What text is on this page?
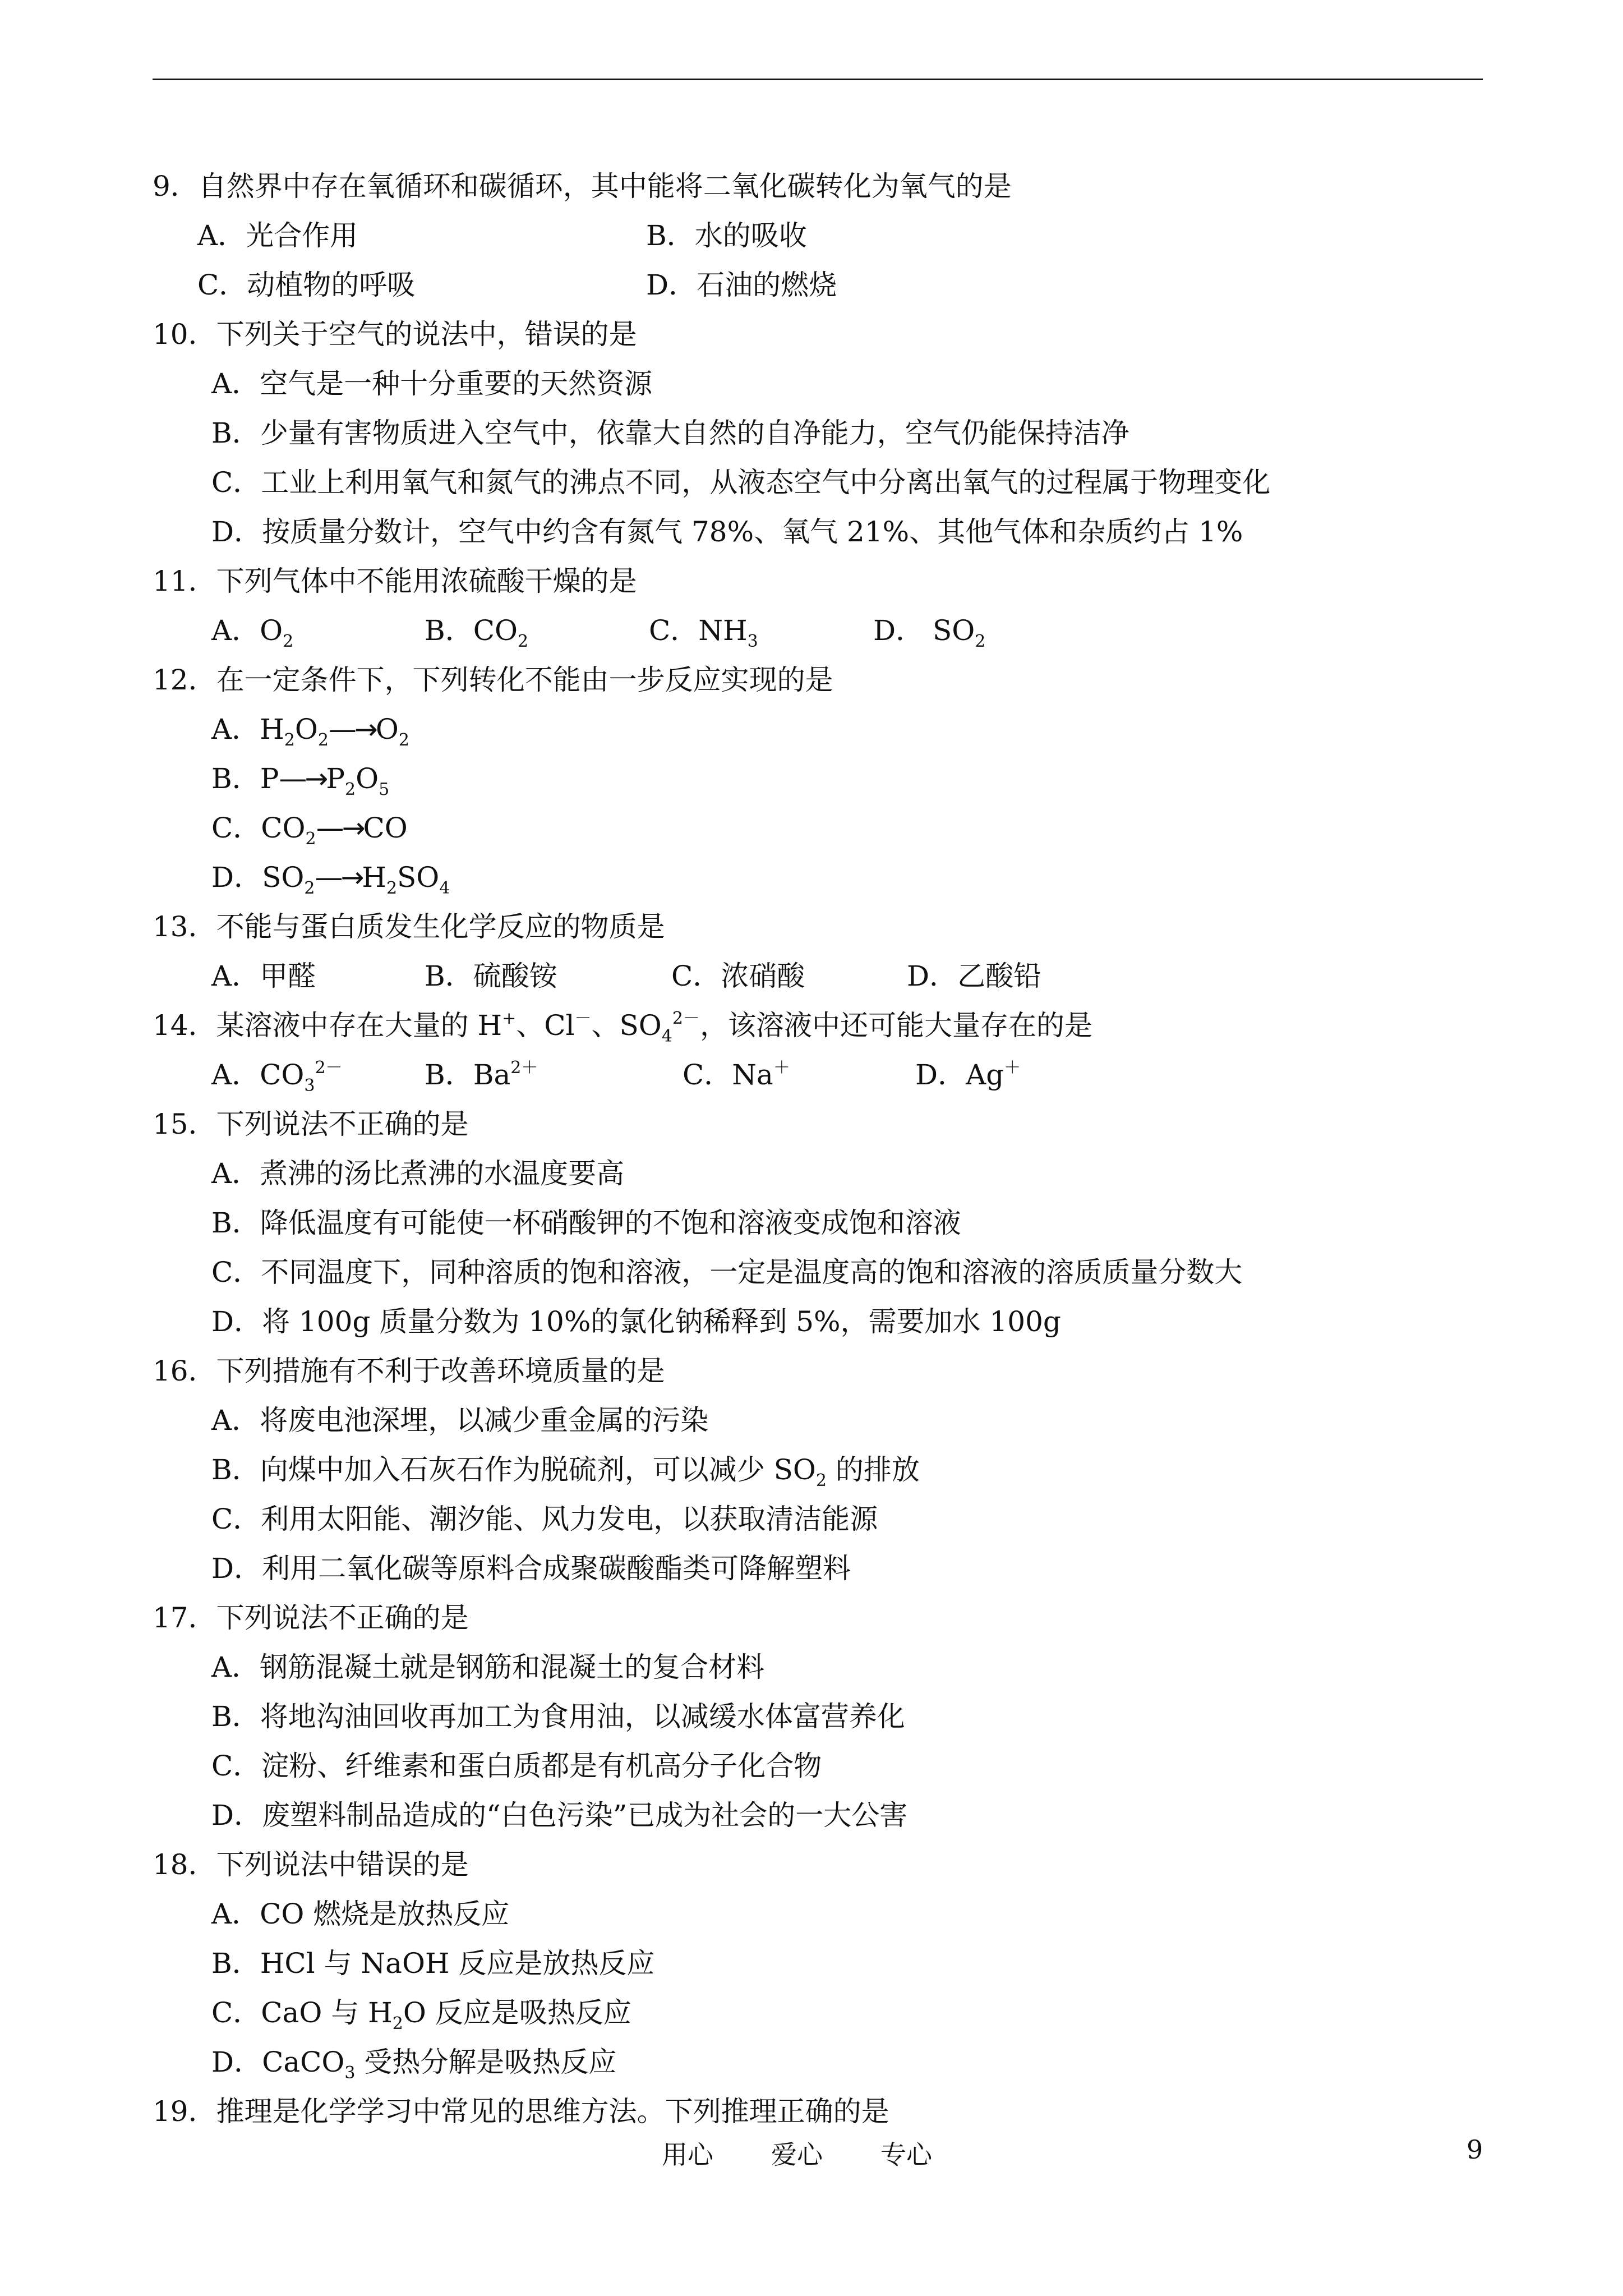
9．自然界中存在氧循环和碳循环，其中能将二氧化碳转化为氧气的是
A．光合作用	B．水的吸收
C．动植物的呼吸	D．石油的燃烧
10．下列关于空气的说法中，错误的是
A．空气是一种十分重要的天然资源
B．少量有害物质进入空气中，依靠大自然的自净能力，空气仍能保持洁净
C．工业上利用氧气和氮气的沸点不同，从液态空气中分离出氧气的过程属于物理变化
D．按质量分数计，空气中约含有氮气 78%、氧气 21%、其他气体和杂质约占 1%
11．下列气体中不能用浓硫酸干燥的是
A．$O_2$	B．$CO_2$	C．$NH_3$	D． $SO_2$
12．在一定条件下，下列转化不能由一步反应实现的是
A．$H_2O_2—\to O_2$
B．$P—\to P_2O_5$
C．$CO_2—\to CO$
D．$SO_2—\to H_2SO_4$
13．不能与蛋白质发生化学反应的物质是
A．甲醛	B．硫酸铵	C．浓硝酸	D．乙酸铅
14．某溶液中存在大量的 H+、Cl－、$SO_4^{2-}$，该溶液中还可能大量存在的是
A．$CO_3^{2-}$	B．$Ba^{2+}$	C．Na＋	D．Ag＋
15．下列说法不正确的是
A．煮沸的汤比煮沸的水温度要高
B．降低温度有可能使一杯硝酸钾的不饱和溶液变成饱和溶液
C．不同温度下，同种溶质的饱和溶液，一定是温度高的饱和溶液的溶质质量分数大
D．将 100g 质量分数为 10%的氯化钠稀释到 5%，需要加水 100g
16．下列措施有不利于改善环境质量的是
A．将废电池深埋，以减少重金属的污染
B．向煤中加入石灰石作为脱硫剂，可以减少 $SO_2$ 的排放
C．利用太阳能、潮汐能、风力发电，以获取清洁能源
D．利用二氧化碳等原料合成聚碳酸酯类可降解塑料
17．下列说法不正确的是
A．钢筋混凝土就是钢筋和混凝土的复合材料
B．将地沟油回收再加工为食用油，以减缓水体富营养化
C．淀粉、纤维素和蛋白质都是有机高分子化合物
D．废塑料制品造成的“白色污染”已成为社会的一大公害
18．下列说法中错误的是
A．CO 燃烧是放热反应
B．HCl 与 NaOH 反应是放热反应
C．CaO 与 $H_2O$ 反应是吸热反应
D．CaCO$_3$ 受热分解是吸热反应
19．推理是化学学习中常见的思维方法。下列推理正确的是
用心 爱心 专心	9
